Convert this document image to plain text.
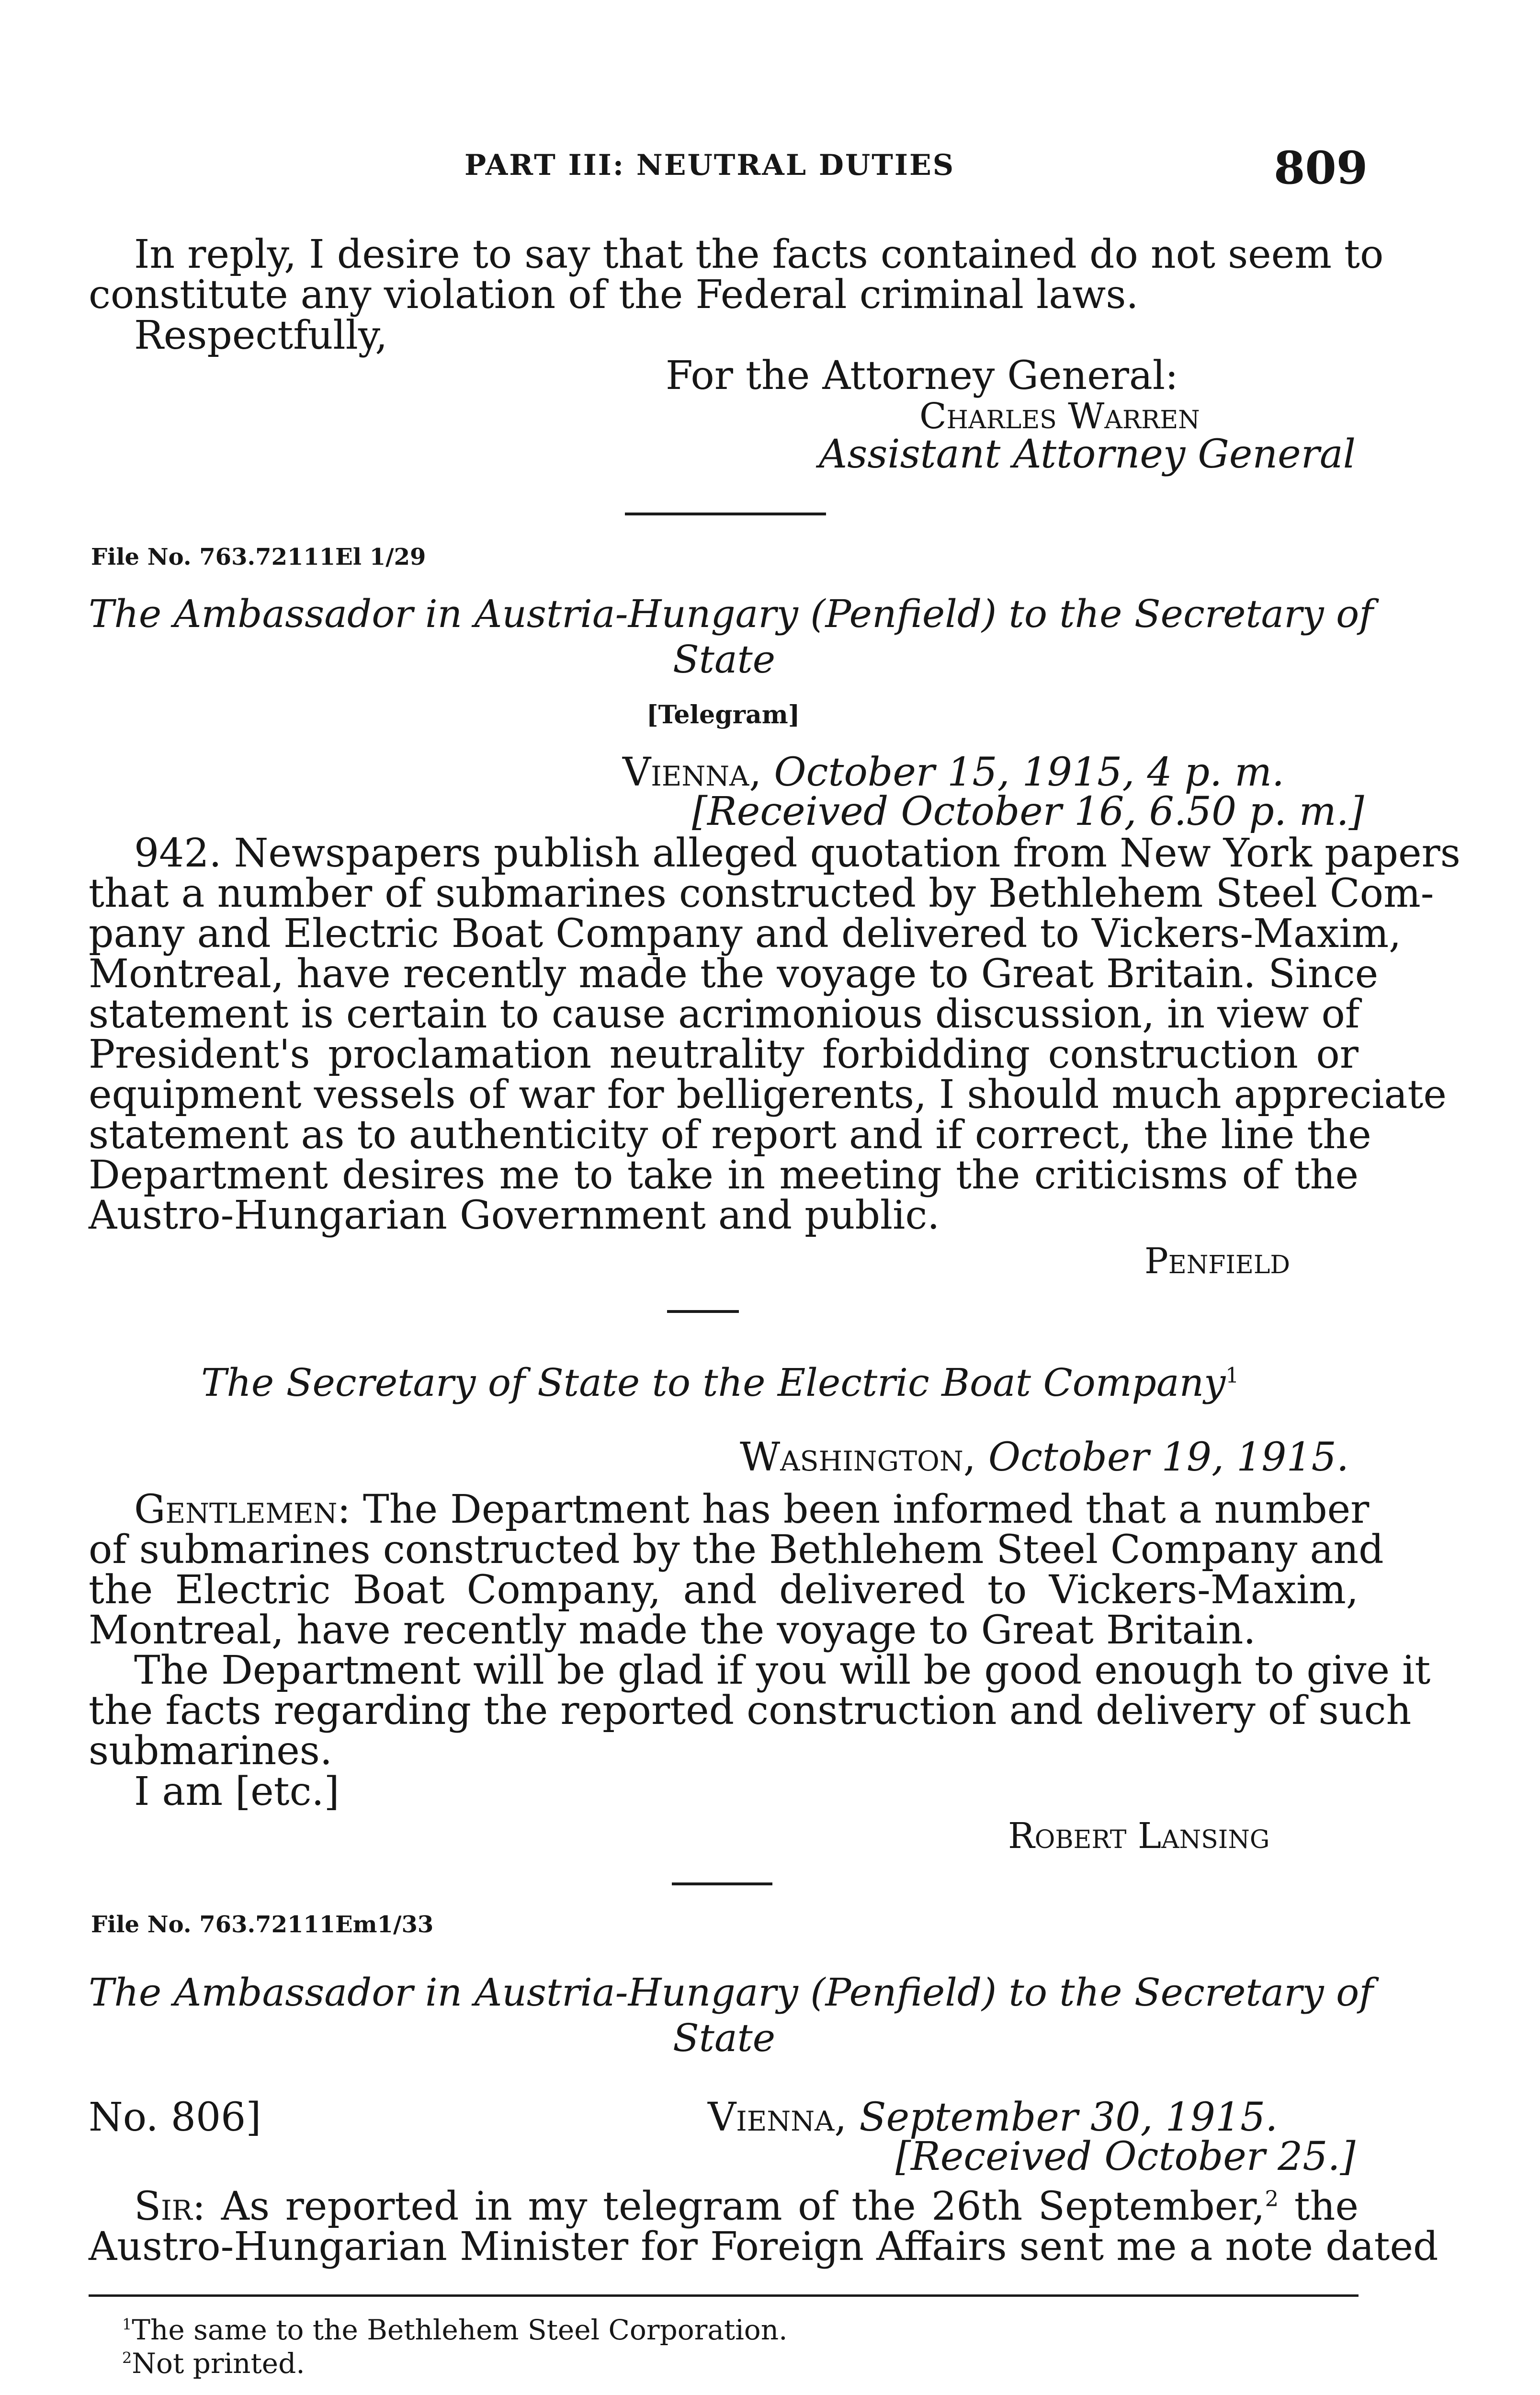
PART III: NEUTRAL DUTIES	809
In reply, I desire to say that the facts contained do not seem to
constitute any violation of the Federal criminal laws.
Respectfully,
For the Attorney General:
Charles Warren
Assistant Attorney General
File No. 763.72111El 1/29
The Ambassador in Austria-Hungary (Penfield) to the Secretary of
State
[Telegram]
Vienna, October 15, 1915, 4 p. m.
[Received October 16, 6.50 p. m.]
942. Newspapers publish alleged quotation from New York papers
that a number of submarines constructed by Bethlehem Steel Com-
pany and Electric Boat Company and delivered to Vickers-Maxim,
Montreal, have recently made the voyage to Great Britain. Since
statement is certain to cause acrimonious discussion, in view of
President's proclamation neutrality forbidding construction or
equipment vessels of war for belligerents, I should much appreciate
statement as to authenticity of report and if correct, the line the
Department desires me to take in meeting the criticisms of the
Austro-Hungarian Government and public.
Penfield
The Secretary of State to the Electric Boat Company$^1$
Washington, October 19, 1915.
Gentlemen: The Department has been informed that a number
of submarines constructed by the Bethlehem Steel Company and
the Electric Boat Company, and delivered to Vickers-Maxim,
Montreal, have recently made the voyage to Great Britain.
The Department will be glad if you will be good enough to give it
the facts regarding the reported construction and delivery of such
submarines.
I am [etc.]
Robert Lansing
File No. 763.72111Em1/33
The Ambassador in Austria-Hungary (Penfield) to the Secretary of
State
No. 806]	Vienna, September 30, 1915.
[Received October 25.]
Sir: As reported in my telegram of the 26th September,$^2$ the
Austro-Hungarian Minister for Foreign Affairs sent me a note dated
$^1$The same to the Bethlehem Steel Corporation.
$^2$Not printed.
